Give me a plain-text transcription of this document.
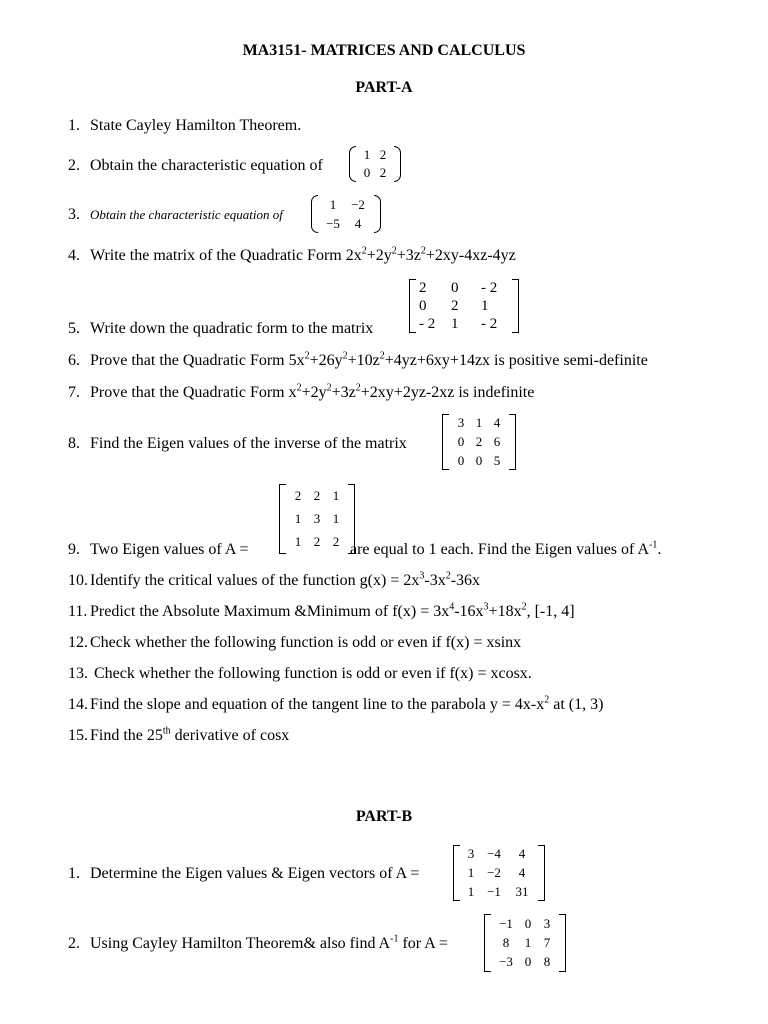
MA3151- MATRICES AND CALCULUS
PART-A
1. State Cayley Hamilton Theorem.
2. Obtain the characteristic equation of
1 2
0 2
3. Obtain the characteristic equation of
1	−2
−5	4
4. Write the matrix of the Quadratic Form $2x^2+2y^2+3z^2+2xy-4xz-4yz$
5. Write down the quadratic form to the matrix
2	0	- 2
0	2	1
- 2	1	- 2
6. Prove that the Quadratic Form $5x^2+26y^2+10z^2+4yz+6xy+14zx$ is positive semi-definite
7. Prove that the Quadratic Form $x^2+2y^2+3z^2+2xy+2yz-2xz$ is indefinite
8. Find the Eigen values of the inverse of the matrix
3 1 4
0 2 6
0 0 5
9. Two Eigen values of A =
2 2 1
1 3 1
1 2 2 are equal to 1 each. Find the Eigen values of $A^{-1}$.
10. Identify the critical values of the function $g(x) = 2x^3-3x^2-36x$
11. Predict the Absolute Maximum &Minimum of $f(x) = 3x^4-16x^3+18x^2$, [-1, 4]
12. Check whether the following function is odd or even if f(x) = xsinx
13. Check whether the following function is odd or even if f(x) = xcosx.
14. Find the slope and equation of the tangent line to the parabola $y = 4x-x^2$ at (1, 3)
15. Find the 25th derivative of cosx
PART-B
1. Determine the Eigen values & Eigen vectors of A =
3 −4	4
1 −2	4
1 −1	31
2. Using Cayley Hamilton Theorem& also find $A^{-1}$ for A =
−1 0 3
8	1 7
−3 0 8
